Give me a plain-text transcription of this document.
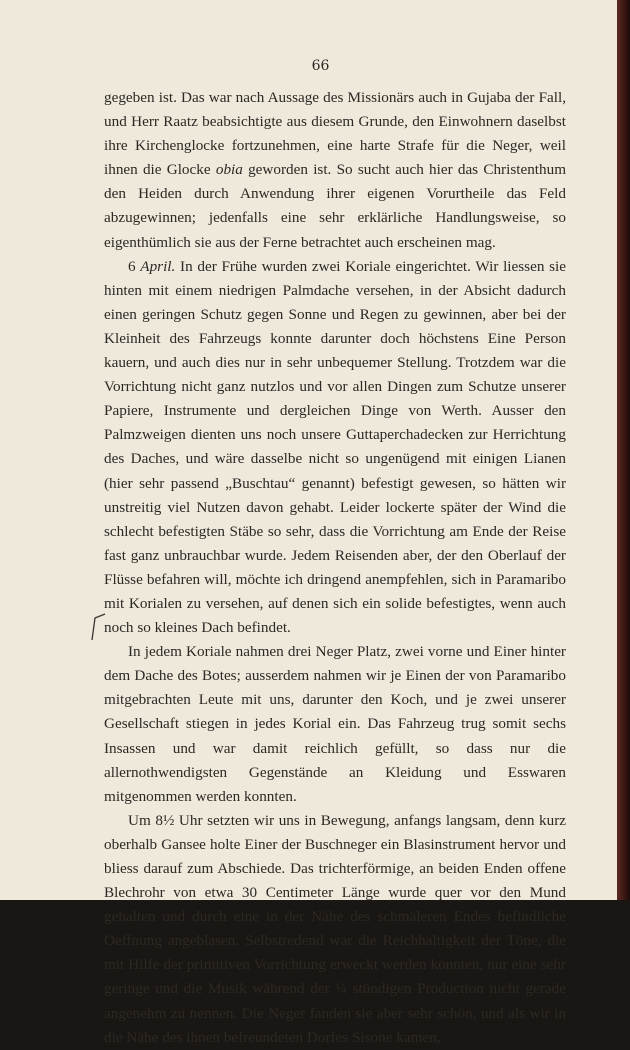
66

gegeben ist. Das war nach Aussage des Missionärs auch in Gujaba der Fall, und Herr Raatz beabsichtigte aus diesem Grunde, den Einwohnern daselbst ihre Kirchenglocke fortzunehmen, eine harte Strafe für die Neger, weil ihnen die Glocke obia geworden ist. So sucht auch hier das Christenthum den Heiden durch Anwendung ihrer eigenen Vorurtheile das Feld abzugewinnen; jedenfalls eine sehr erklärliche Handlungsweise, so eigenthümlich sie aus der Ferne betrachtet auch erscheinen mag.

6 April. In der Frühe wurden zwei Koriale eingerichtet. Wir liessen sie hinten mit einem niedrigen Palmdache versehen, in der Absicht dadurch einen geringen Schutz gegen Sonne und Regen zu gewinnen, aber bei der Kleinheit des Fahrzeugs konnte darunter doch höchstens Eine Person kauern, und auch dies nur in sehr unbequemer Stellung. Trotzdem war die Vorrichtung nicht ganz nutzlos und vor allen Dingen zum Schutze unserer Papiere, Instrumente und dergleichen Dinge von Werth. Ausser den Palmzweigen dienten uns noch unsere Guttaperchadecken zur Herrichtung des Daches, und wäre dasselbe nicht so ungenügend mit einigen Lianen (hier sehr passend „Buschtau“ genannt) befestigt gewesen, so hätten wir unstreitig viel Nutzen davon gehabt. Leider lockerte später der Wind die schlecht befestigten Stäbe so sehr, dass die Vorrichtung am Ende der Reise fast ganz unbrauchbar wurde. Jedem Reisenden aber, der den Oberlauf der Flüsse befahren will, möchte ich dringend anempfehlen, sich in Paramaribo mit Korialen zu versehen, auf denen sich ein solide befestigtes, wenn auch noch so kleines Dach befindet.

In jedem Koriale nahmen drei Neger Platz, zwei vorne und Einer hinter dem Dache des Botes; ausserdem nahmen wir je Einen der von Paramaribo mitgebrachten Leute mit uns, darunter den Koch, und je zwei unserer Gesellschaft stiegen in jedes Korial ein. Das Fahrzeug trug somit sechs Insassen und war damit reichlich gefüllt, so dass nur die allernothwendigsten Gegenstände an Kleidung und Esswaren mitgenommen werden konnten.

Um 8½ Uhr setzten wir uns in Bewegung, anfangs langsam, denn kurz oberhalb Gansee holte Einer der Buschneger ein Blasinstrument hervor und bliess darauf zum Abschiede. Das trichterförmige, an beiden Enden offene Blechrohr von etwa 30 Centimeter Länge wurde quer vor den Mund gehalten und durch eine in der Nähe des schmäleren Endes befindliche Oeffnung angeblasen. Selbstredend war die Reichhaltigkeit der Töne, die mit Hilfe der primitiven Vorrichtung erweckt werden konnten, nur eine sehr geringe und die Musik während der ¼ stündigen Production nicht gerade angenehm zu nennen. Die Neger fanden sie aber sehr schön, und als wir in die Nähe des ihnen befreundeten Dorfes Sisone kamen,
